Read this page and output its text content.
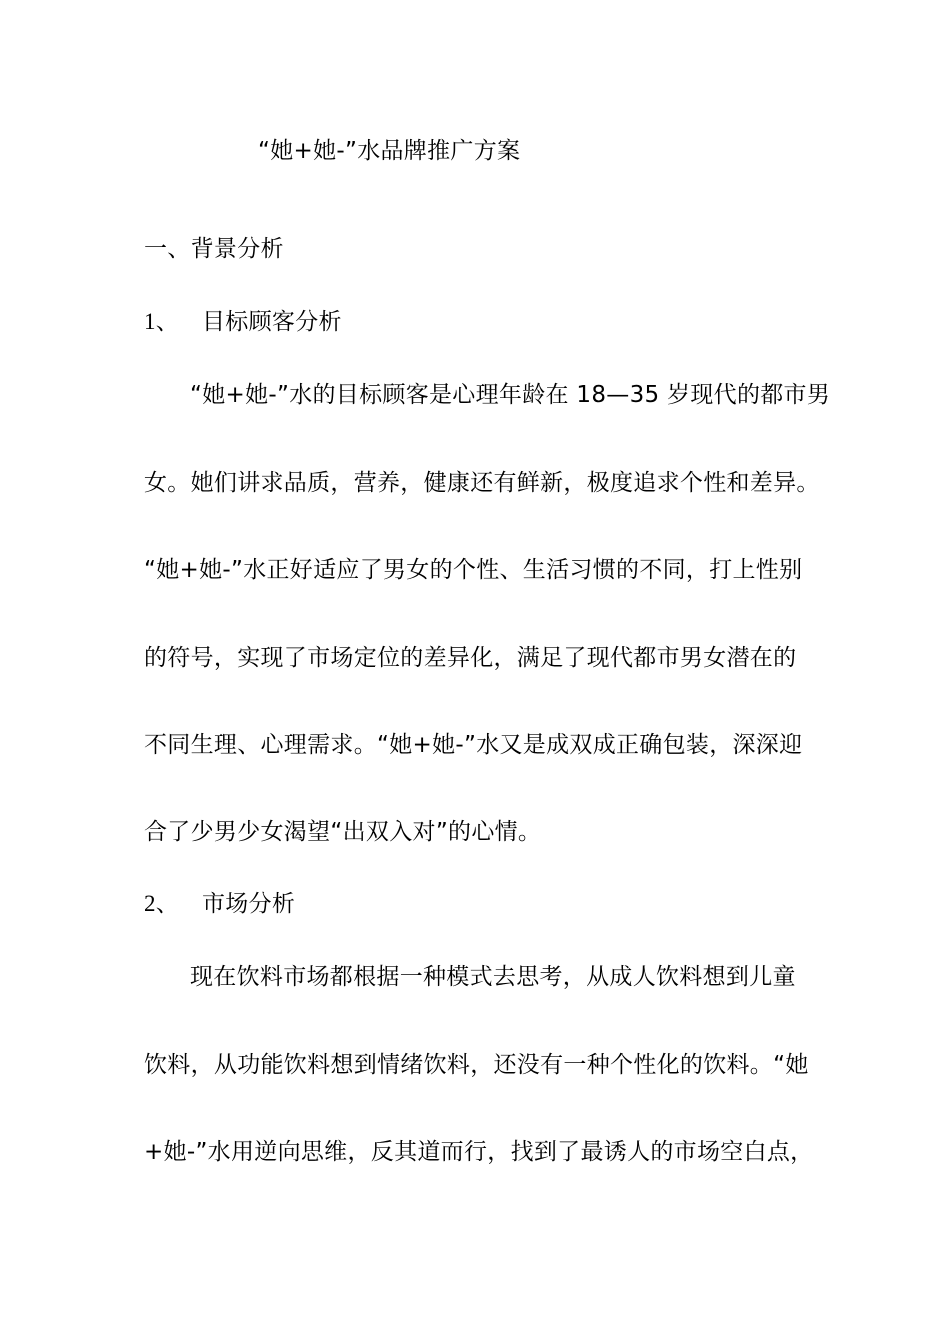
“她+她-”水品牌推广方案
一、背景分析
1、 目标顾客分析
“她+她-”水的目标顾客是心理年龄在 18—35 岁现代的都市男
女。她们讲求品质，营养，健康还有鲜新，极度追求个性和差异。
“她+她-”水正好适应了男女的个性、生活习惯的不同，打上性别
的符号，实现了市场定位的差异化，满足了现代都市男女潜在的
不同生理、心理需求。“她+她-”水又是成双成正确包装，深深迎
合了少男少女渴望“出双入对”的心情。
2、 市场分析
现在饮料市场都根据一种模式去思考，从成人饮料想到儿童
饮料，从功能饮料想到情绪饮料，还没有一种个性化的饮料。“她
+她-”水用逆向思维，反其道而行，找到了最诱人的市场空白点，
